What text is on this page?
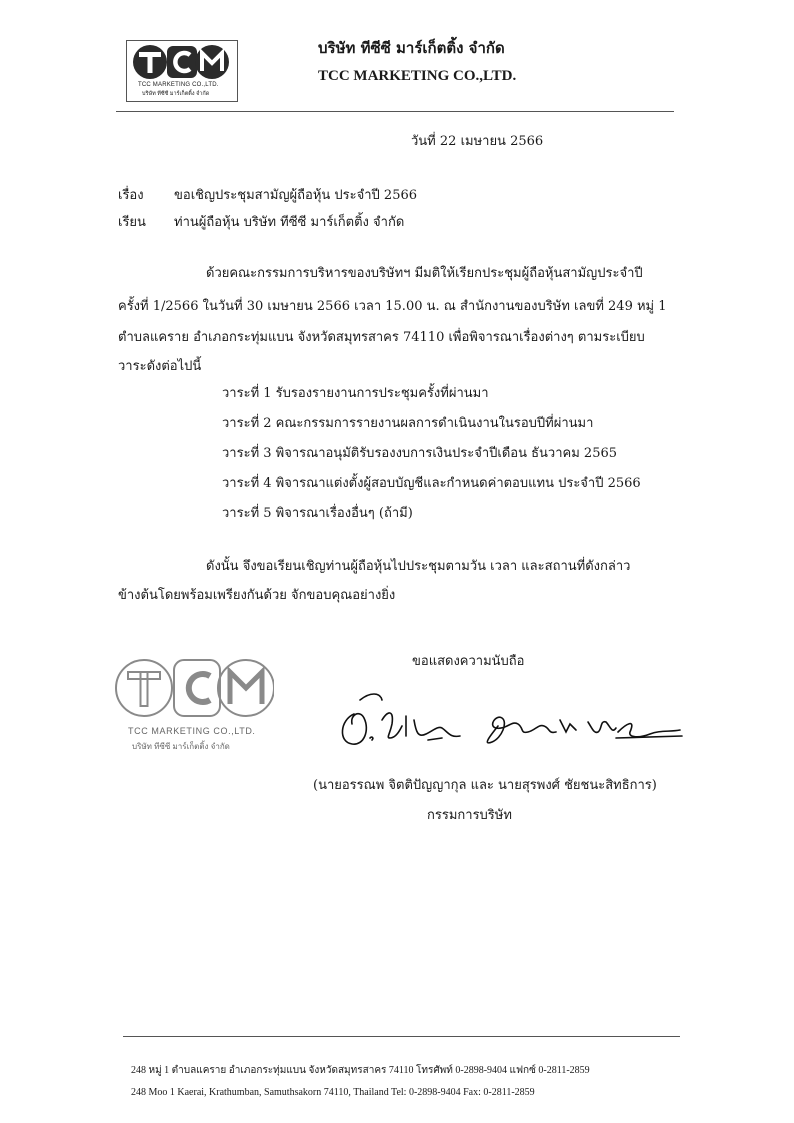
TCC MARKETING CO.,LTD.
บริษัท ทีซีซี มาร์เก็ตติ้ง จำกัด
บริษัท ทีซีซี มาร์เก็ตติ้ง จำกัด
TCC MARKETING CO.,LTD.
วันที่ 22 เมษายน 2566
เรื่อง ขอเชิญประชุมสามัญผู้ถือหุ้น ประจำปี 2566
เรียน ท่านผู้ถือหุ้น บริษัท ทีซีซี มาร์เก็ตติ้ง จำกัด
ด้วยคณะกรรมการบริหารของบริษัทฯ มีมติให้เรียกประชุมผู้ถือหุ้นสามัญประจำปี
ครั้งที่ 1/2566 ในวันที่ 30 เมษายน 2566 เวลา 15.00 น. ณ สำนักงานของบริษัท เลขที่ 249 หมู่ 1
ตำบลแคราย อำเภอกระทุ่มแบน จังหวัดสมุทรสาคร 74110 เพื่อพิจารณาเรื่องต่างๆ ตามระเบียบ
วาระดังต่อไปนี้
วาระที่ 1 รับรองรายงานการประชุมครั้งที่ผ่านมา
วาระที่ 2 คณะกรรมการรายงานผลการดำเนินงานในรอบปีที่ผ่านมา
วาระที่ 3 พิจารณาอนุมัติรับรองงบการเงินประจำปีเดือน ธันวาคม 2565
วาระที่ 4 พิจารณาแต่งตั้งผู้สอบบัญชีและกำหนดค่าตอบแทน ประจำปี 2566
วาระที่ 5 พิจารณาเรื่องอื่นๆ (ถ้ามี)
ดังนั้น จึงขอเรียนเชิญท่านผู้ถือหุ้นไปประชุมตามวัน เวลา และสถานที่ดังกล่าว
ข้างต้นโดยพร้อมเพรียงกันด้วย จักขอบคุณอย่างยิ่ง
ขอแสดงความนับถือ
TCC MARKETING CO.,LTD.
บริษัท ทีซีซี มาร์เก็ตติ้ง จำกัด
(นายอรรณพ จิตติปัญญากุล และ นายสุรพงศ์ ชัยชนะสิทธิการ)
กรรมการบริษัท
248 หมู่ 1 ตำบลแคราย อำเภอกระทุ่มแบน จังหวัดสมุทรสาคร 74110 โทรศัพท์ 0-2898-9404 แฟกซ์ 0-2811-2859
248 Moo 1 Kaerai, Krathumban, Samuthsakorn 74110, Thailand Tel: 0-2898-9404 Fax: 0-2811-2859
